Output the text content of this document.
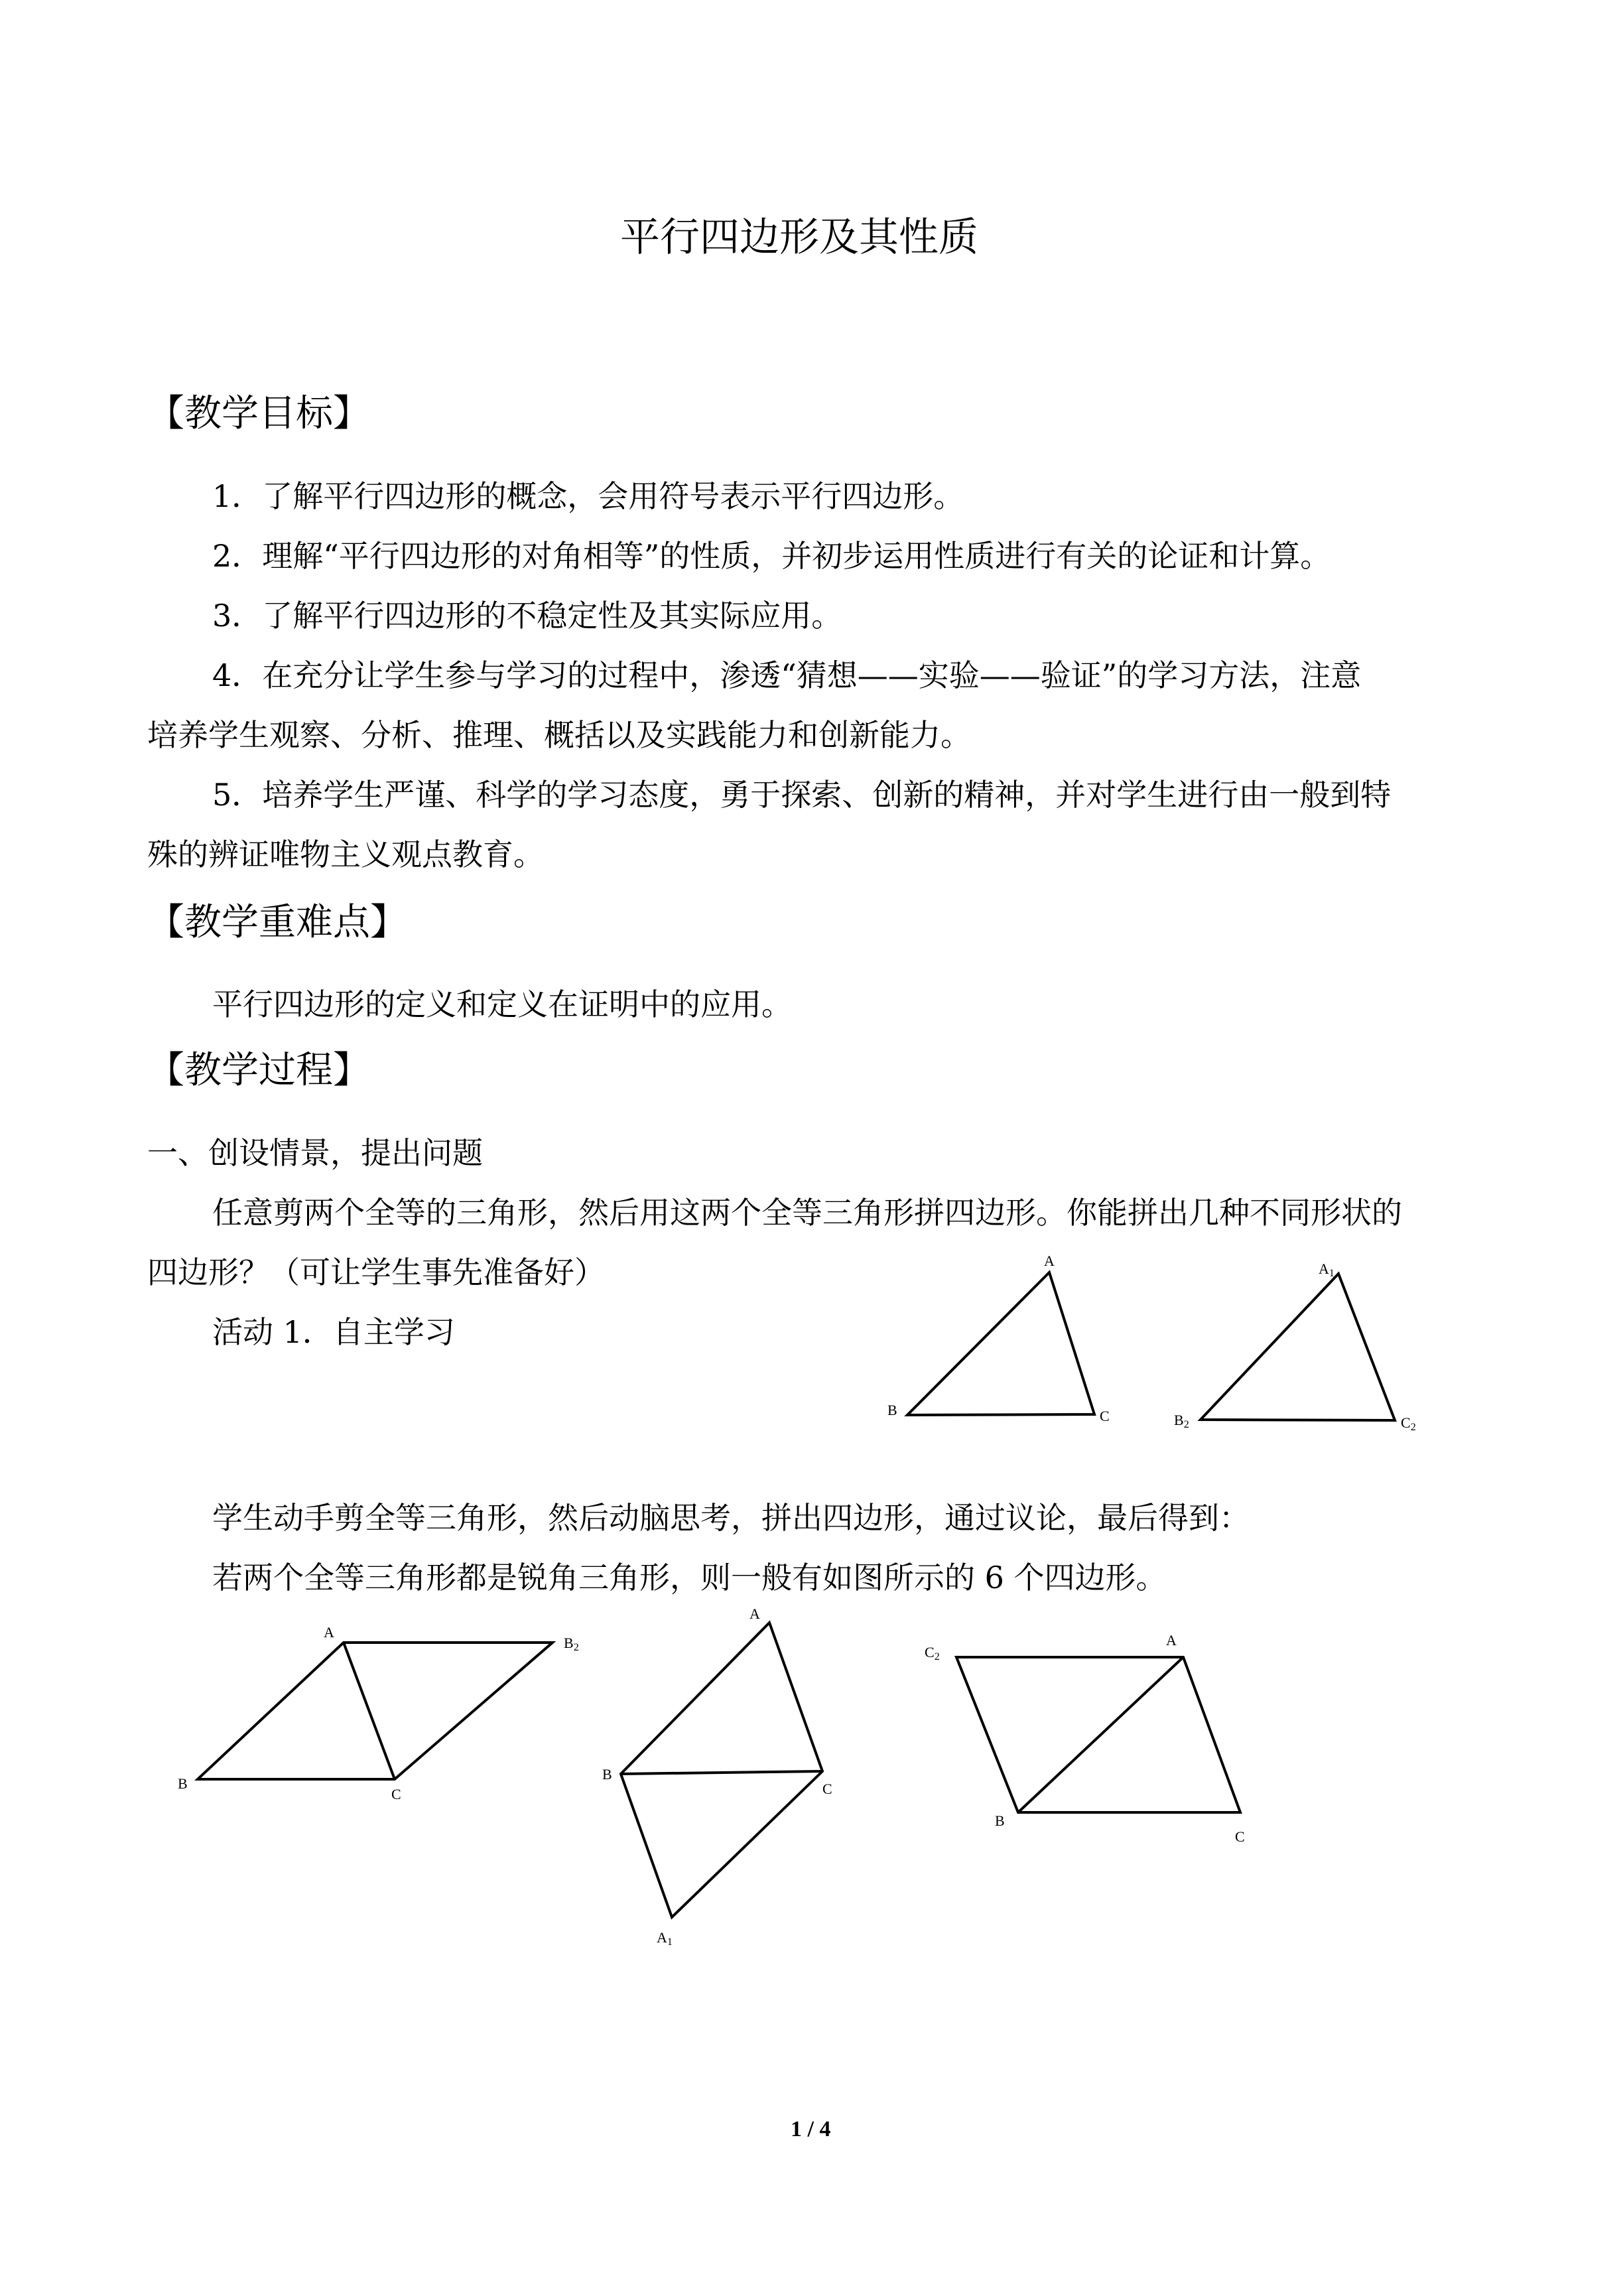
平行四边形及其性质
【教学目标】
1．了解平行四边形的概念，会用符号表示平行四边形。
2．理解“平行四边形的对角相等”的性质，并初步运用性质进行有关的论证和计算。
3．了解平行四边形的不稳定性及其实际应用。
4．在充分让学生参与学习的过程中，渗透“猜想——实验——验证”的学习方法，注意
培养学生观察、分析、推理、概括以及实践能力和创新能力。
5．培养学生严谨、科学的学习态度，勇于探索、创新的精神，并对学生进行由一般到特
殊的辨证唯物主义观点教育。
【教学重难点】
平行四边形的定义和定义在证明中的应用。
【教学过程】
一、创设情景，提出问题
任意剪两个全等的三角形，然后用这两个全等三角形拼四边形。你能拼出几种不同形状的
四边形？（可让学生事先准备好）
活动 1．自主学习
A
B	C
A1
B2	C2
学生动手剪全等三角形，然后动脑思考，拼出四边形，通过议论，最后得到：
若两个全等三角形都是锐角三角形，则一般有如图所示的 6 个四边形。
A
B2
B
C
A
B
C
A1
C2
A
B
C
1 / 4
